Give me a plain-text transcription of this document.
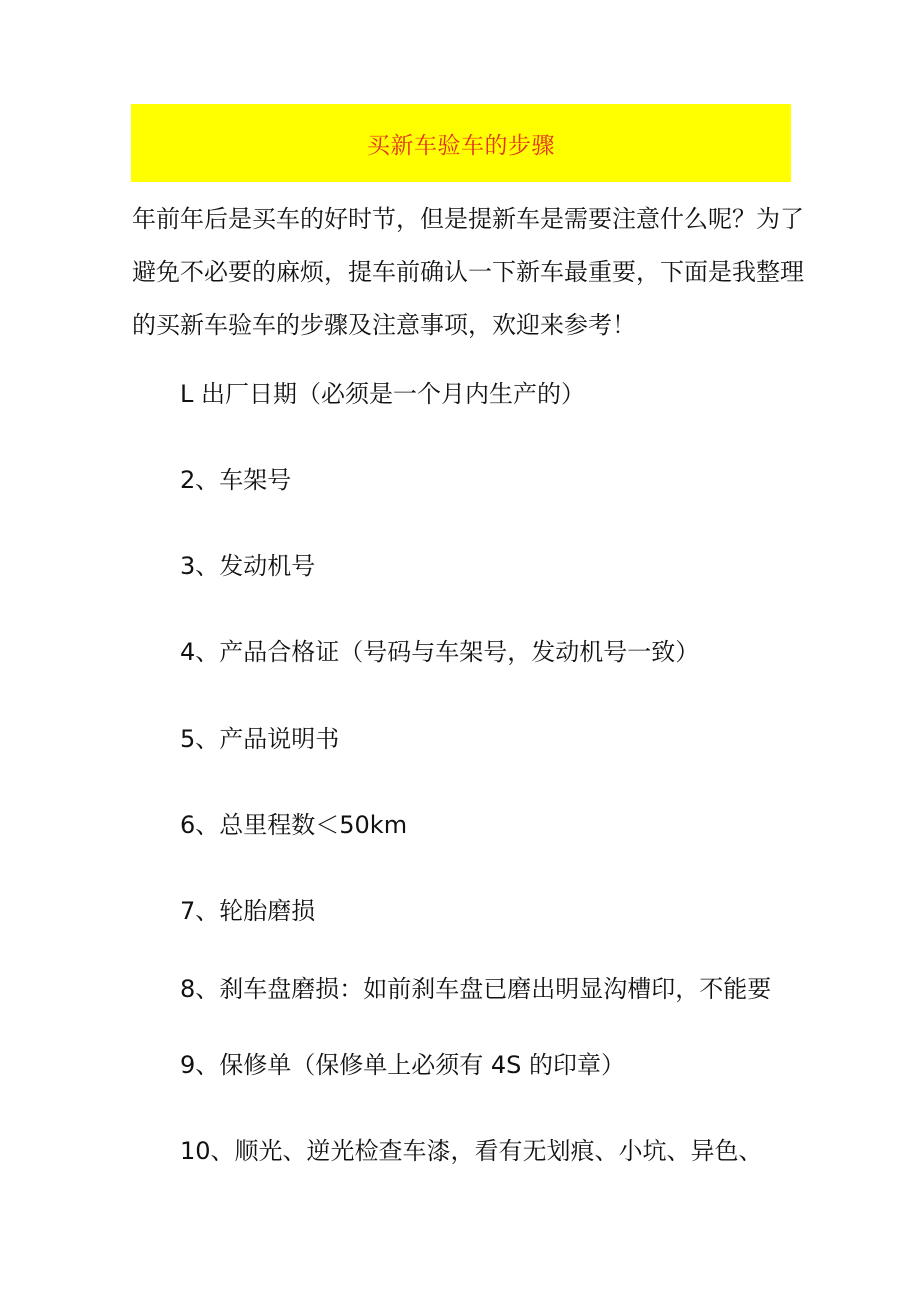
买新车验车的步骤
年前年后是买车的好时节，但是提新车是需要注意什么呢？为了
避免不必要的麻烦，提车前确认一下新车最重要，下面是我整理
的买新车验车的步骤及注意事项，欢迎来参考！
L 出厂日期（必须是一个月内生产的）
2、车架号
3、发动机号
4、产品合格证（号码与车架号，发动机号一致）
5、产品说明书
6、总里程数＜50km
7、轮胎磨损
8、刹车盘磨损：如前刹车盘已磨出明显沟槽印，不能要
9、保修单（保修单上必须有 4S 的印章）
10、顺光、逆光检查车漆，看有无划痕、小坑、异色、
